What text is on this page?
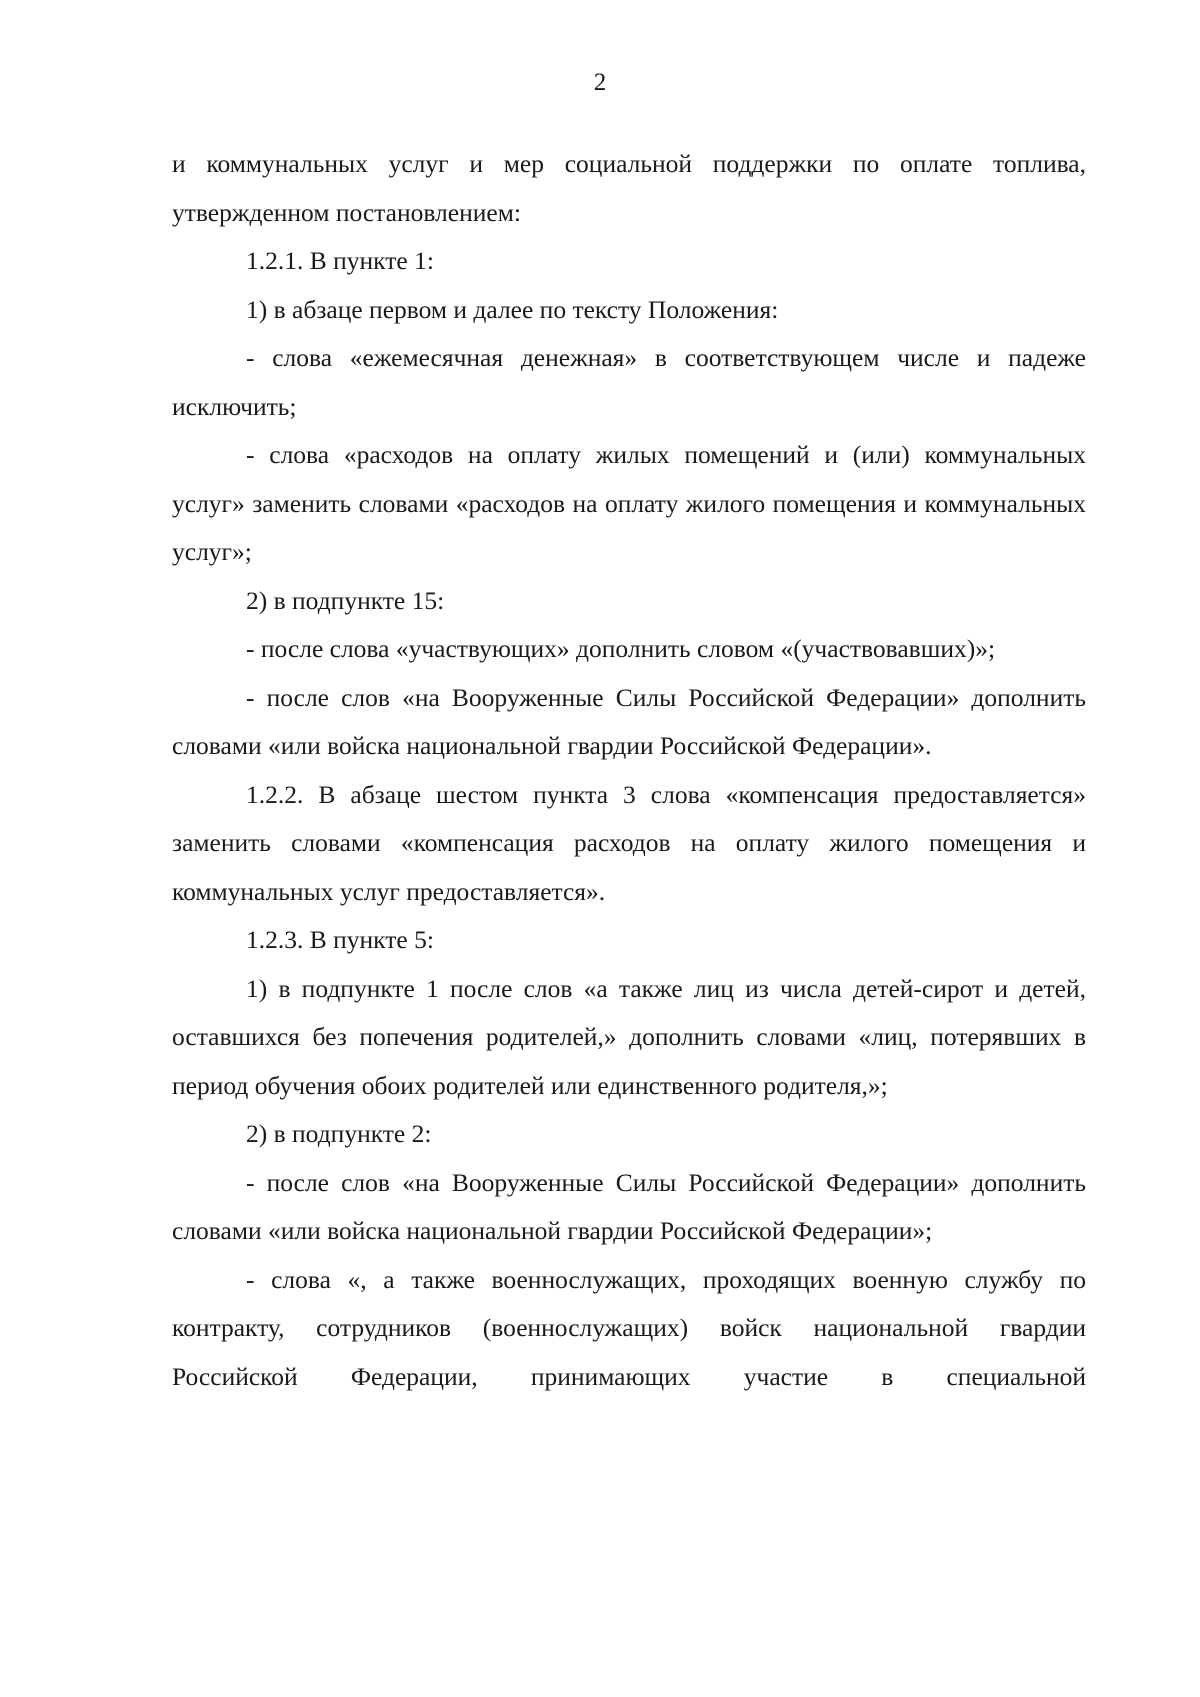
2

и коммунальных услуг и мер социальной поддержки по оплате топлива, утвержденном постановлением:

1.2.1. В пункте 1:

1) в абзаце первом и далее по тексту Положения:

- слова «ежемесячная денежная» в соответствующем числе и падеже исключить;

- слова «расходов на оплату жилых помещений и (или) коммунальных услуг» заменить словами «расходов на оплату жилого помещения и коммунальных услуг»;

2) в подпункте 15:

- после слова «участвующих» дополнить словом «(участвовавших)»;

- после слов «на Вооруженные Силы Российской Федерации» дополнить словами «или войска национальной гвардии Российской Федерации».

1.2.2. В абзаце шестом пункта 3 слова «компенсация предоставляется» заменить словами «компенсация расходов на оплату жилого помещения и коммунальных услуг предоставляется».

1.2.3. В пункте 5:

1) в подпункте 1 после слов «а также лиц из числа детей-сирот и детей, оставшихся без попечения родителей,» дополнить словами «лиц, потерявших в период обучения обоих родителей или единственного родителя,»;

2) в подпункте 2:

- после слов «на Вооруженные Силы Российской Федерации» дополнить словами «или войска национальной гвардии Российской Федерации»;

- слова «, а также военнослужащих, проходящих военную службу по контракту, сотрудников (военнослужащих) войск национальной гвардии Российской Федерации, принимающих участие в специальной
